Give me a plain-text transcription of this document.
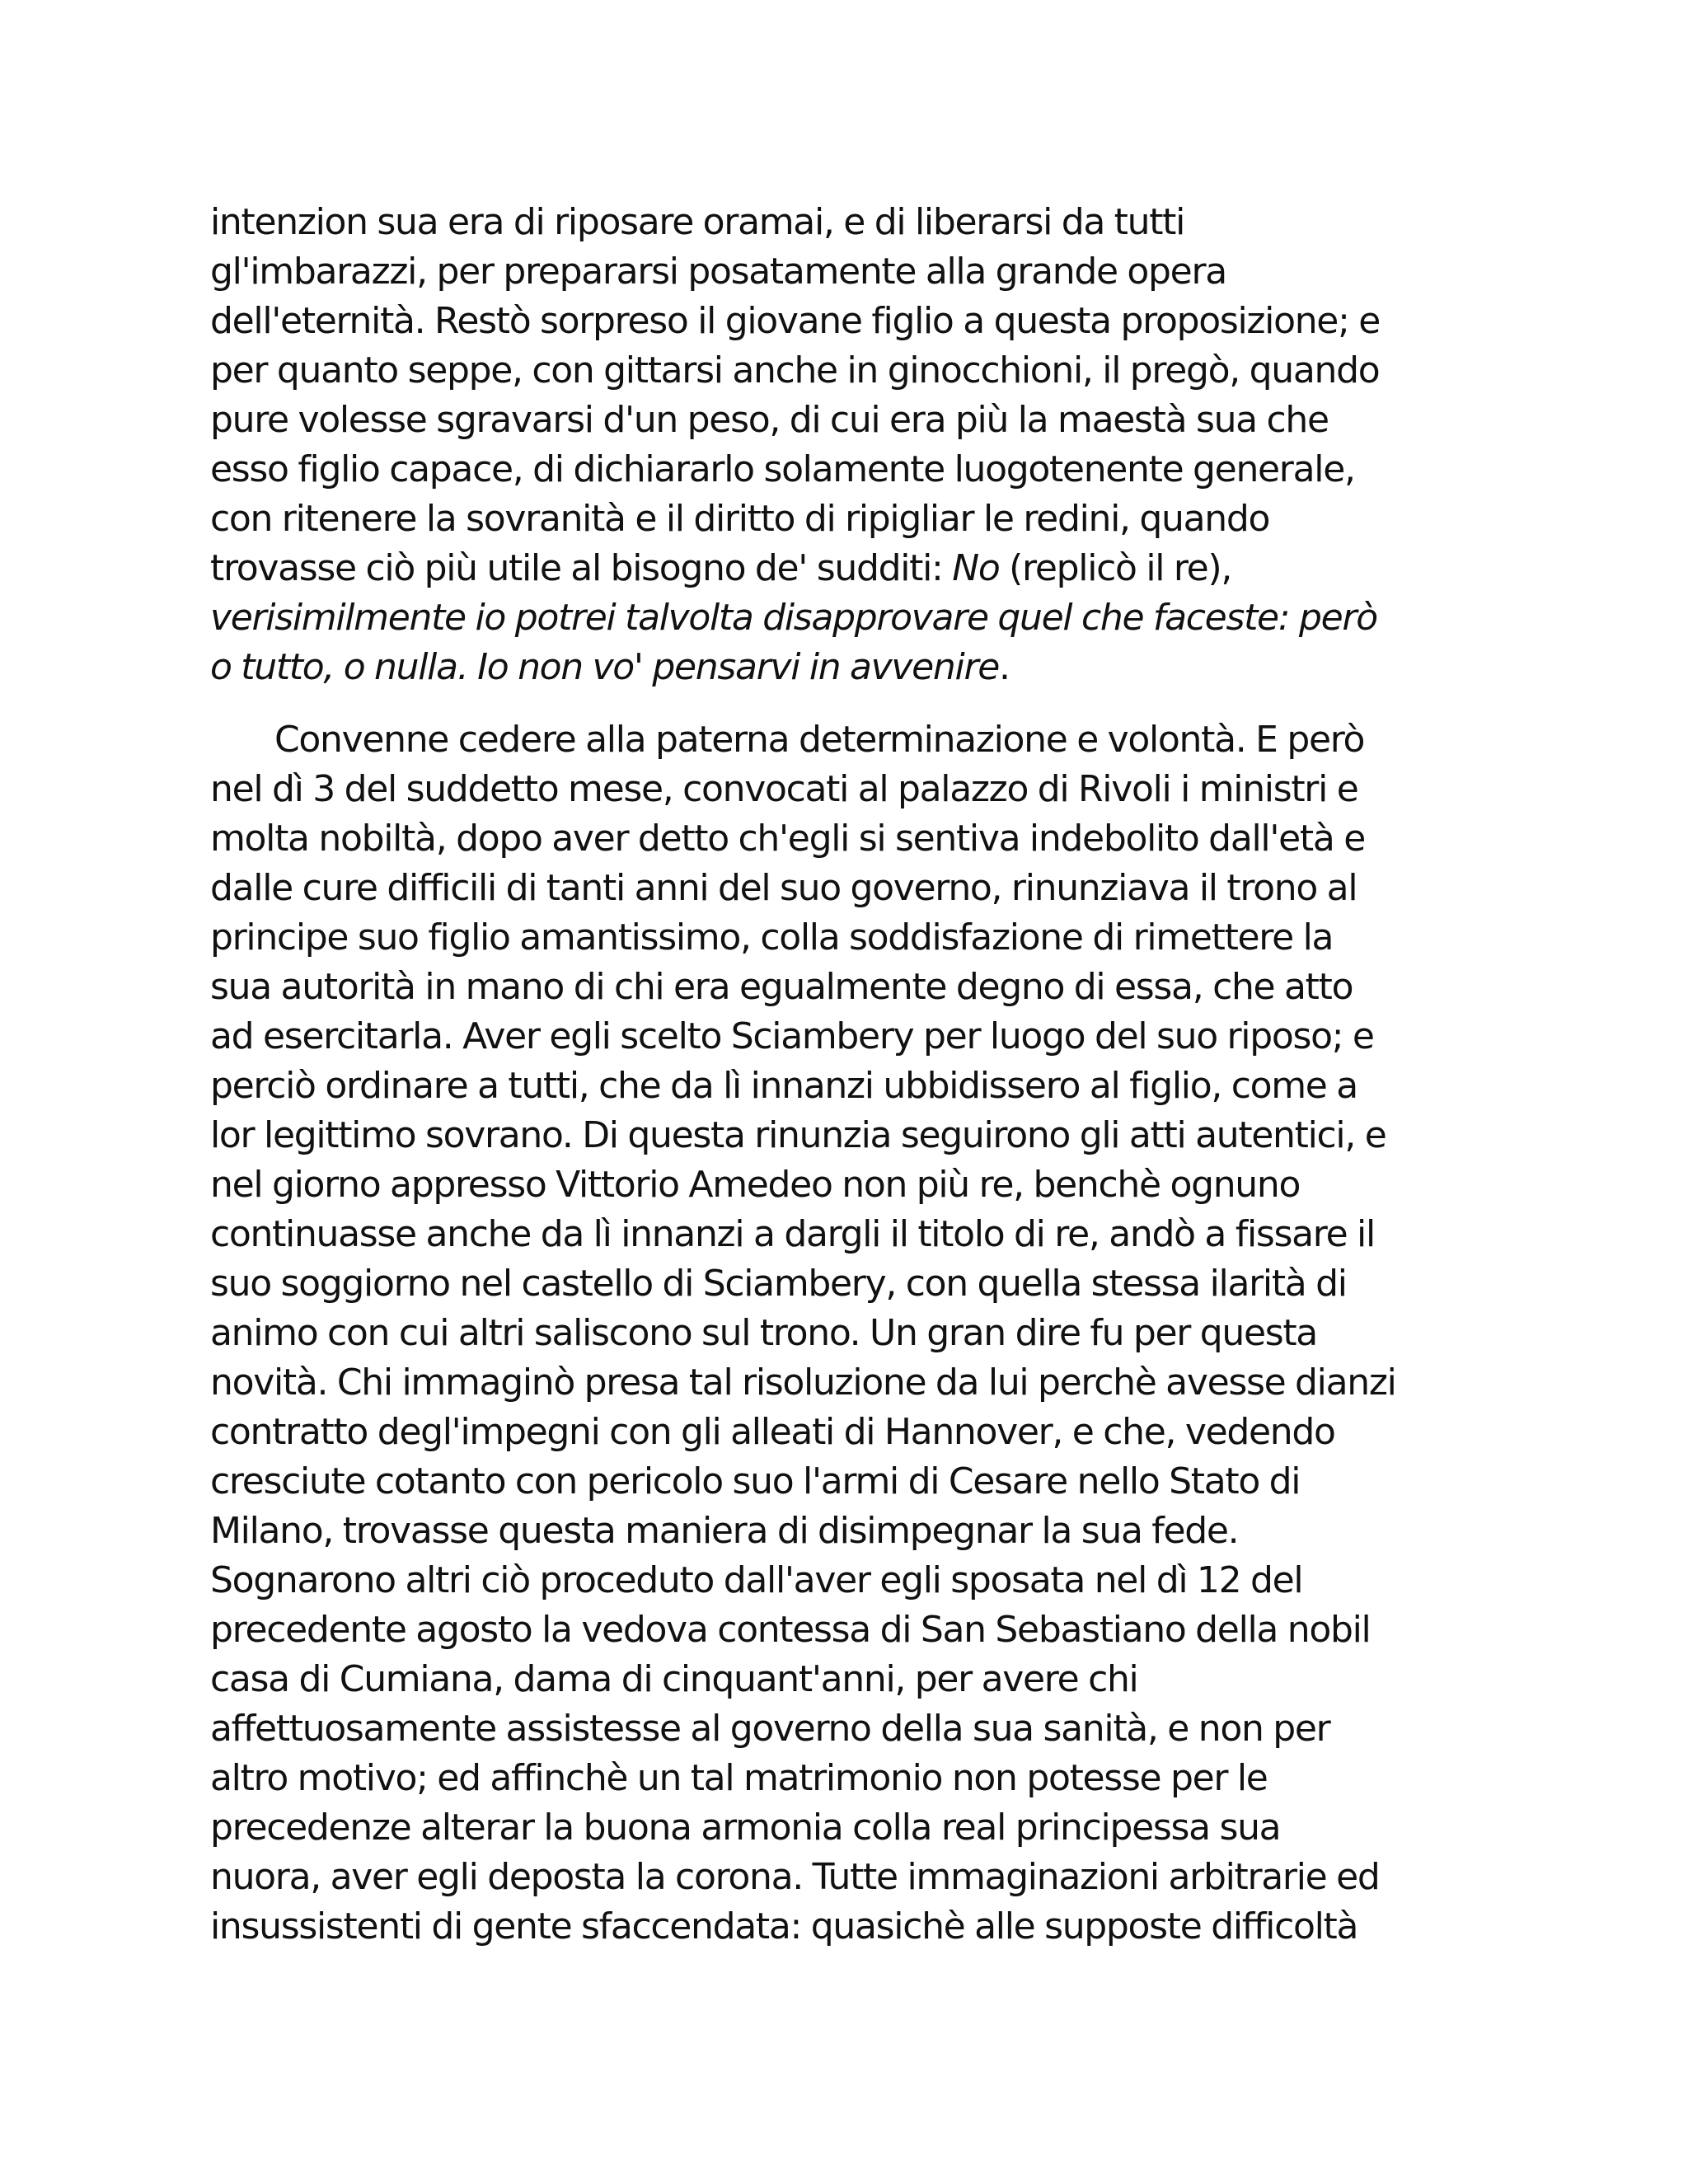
intenzion sua era di riposare oramai, e di liberarsi da tutti
gl'imbarazzi, per prepararsi posatamente alla grande opera
dell'eternità. Restò sorpreso il giovane figlio a questa proposizione; e
per quanto seppe, con gittarsi anche in ginocchioni, il pregò, quando
pure volesse sgravarsi d'un peso, di cui era più la maestà sua che
esso figlio capace, di dichiararlo solamente luogotenente generale,
con ritenere la sovranità e il diritto di ripigliar le redini, quando
trovasse ciò più utile al bisogno de' sudditi: No (replicò il re),
verisimilmente io potrei talvolta disapprovare quel che faceste: però
o tutto, o nulla. Io non vo' pensarvi in avvenire.
Convenne cedere alla paterna determinazione e volontà. E però
nel dì 3 del suddetto mese, convocati al palazzo di Rivoli i ministri e
molta nobiltà, dopo aver detto ch'egli si sentiva indebolito dall'età e
dalle cure difficili di tanti anni del suo governo, rinunziava il trono al
principe suo figlio amantissimo, colla soddisfazione di rimettere la
sua autorità in mano di chi era egualmente degno di essa, che atto
ad esercitarla. Aver egli scelto Sciambery per luogo del suo riposo; e
perciò ordinare a tutti, che da lì innanzi ubbidissero al figlio, come a
lor legittimo sovrano. Di questa rinunzia seguirono gli atti autentici, e
nel giorno appresso Vittorio Amedeo non più re, benchè ognuno
continuasse anche da lì innanzi a dargli il titolo di re, andò a fissare il
suo soggiorno nel castello di Sciambery, con quella stessa ilarità di
animo con cui altri saliscono sul trono. Un gran dire fu per questa
novità. Chi immaginò presa tal risoluzione da lui perchè avesse dianzi
contratto degl'impegni con gli alleati di Hannover, e che, vedendo
cresciute cotanto con pericolo suo l'armi di Cesare nello Stato di
Milano, trovasse questa maniera di disimpegnar la sua fede.
Sognarono altri ciò proceduto dall'aver egli sposata nel dì 12 del
precedente agosto la vedova contessa di San Sebastiano della nobil
casa di Cumiana, dama di cinquant'anni, per avere chi
affettuosamente assistesse al governo della sua sanità, e non per
altro motivo; ed affinchè un tal matrimonio non potesse per le
precedenze alterar la buona armonia colla real principessa sua
nuora, aver egli deposta la corona. Tutte immaginazioni arbitrarie ed
insussistenti di gente sfaccendata: quasichè alle supposte difficoltà
